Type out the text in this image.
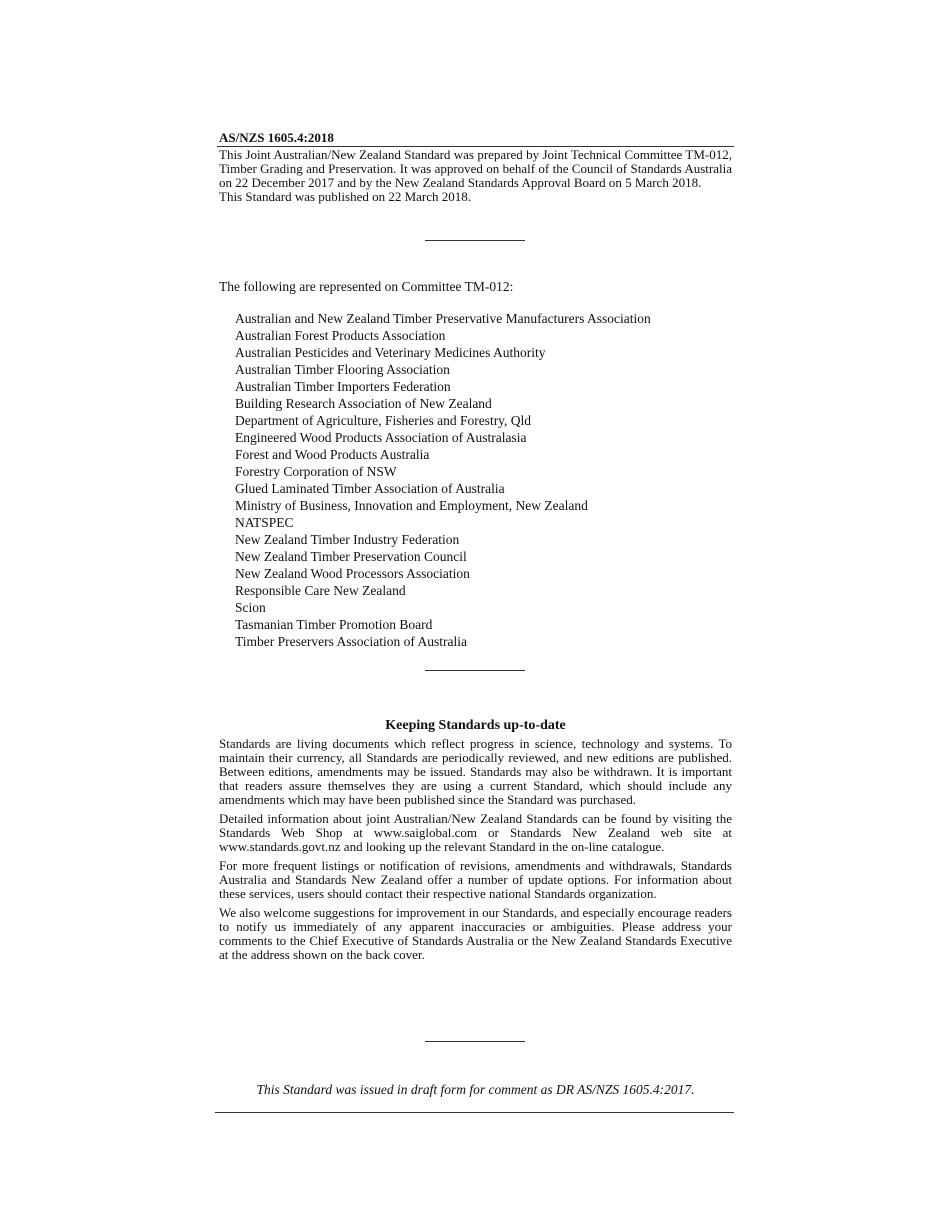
AS/NZS 1605.4:2018

This Joint Australian/New Zealand Standard was prepared by Joint Technical Committee TM-012, Timber Grading and Preservation. It was approved on behalf of the Council of Standards Australia on 22 December 2017 and by the New Zealand Standards Approval Board on 5 March 2018.

This Standard was published on 22 March 2018.

The following are represented on Committee TM-012:
Australian and New Zealand Timber Preservative Manufacturers Association
Australian Forest Products Association
Australian Pesticides and Veterinary Medicines Authority
Australian Timber Flooring Association
Australian Timber Importers Federation
Building Research Association of New Zealand
Department of Agriculture, Fisheries and Forestry, Qld
Engineered Wood Products Association of Australasia
Forest and Wood Products Australia
Forestry Corporation of NSW
Glued Laminated Timber Association of Australia
Ministry of Business, Innovation and Employment, New Zealand
NATSPEC
New Zealand Timber Industry Federation
New Zealand Timber Preservation Council
New Zealand Wood Processors Association
Responsible Care New Zealand
Scion
Tasmanian Timber Promotion Board
Timber Preservers Association of Australia
Keeping Standards up-to-date

Standards are living documents which reflect progress in science, technology and systems. To maintain their currency, all Standards are periodically reviewed, and new editions are published. Between editions, amendments may be issued. Standards may also be withdrawn. It is important that readers assure themselves they are using a current Standard, which should include any amendments which may have been published since the Standard was purchased.

Detailed information about joint Australian/New Zealand Standards can be found by visiting the Standards Web Shop at www.saiglobal.com or Standards New Zealand web site at www.standards.govt.nz and looking up the relevant Standard in the on-line catalogue.

For more frequent listings or notification of revisions, amendments and withdrawals, Standards Australia and Standards New Zealand offer a number of update options. For information about these services, users should contact their respective national Standards organization.

We also welcome suggestions for improvement in our Standards, and especially encourage readers to notify us immediately of any apparent inaccuracies or ambiguities. Please address your comments to the Chief Executive of Standards Australia or the New Zealand Standards Executive at the address shown on the back cover.

This Standard was issued in draft form for comment as DR AS/NZS 1605.4:2017.
